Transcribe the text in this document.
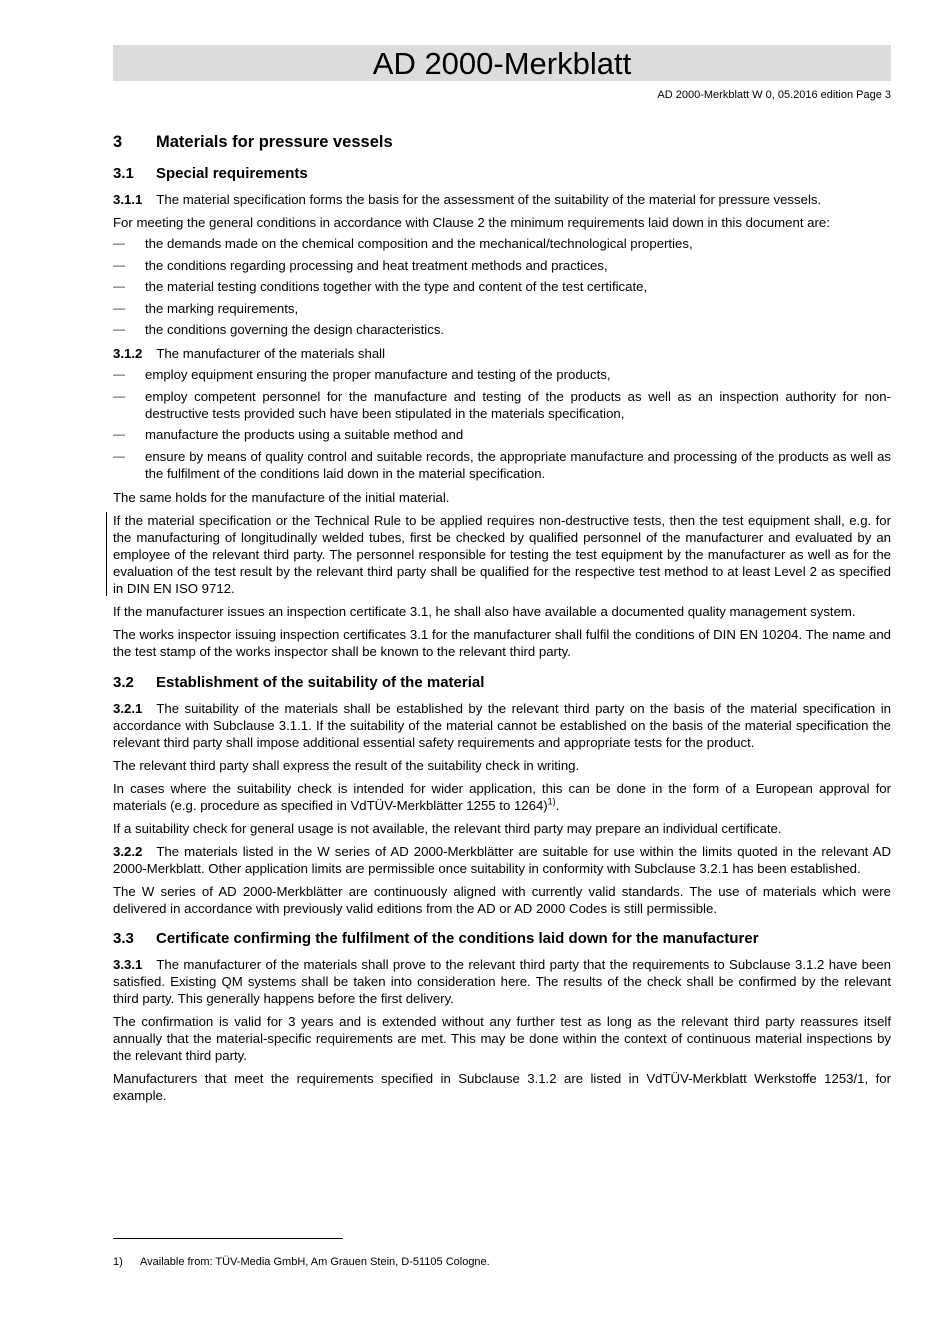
AD 2000-Merkblatt
AD 2000-Merkblatt W 0, 05.2016 edition Page 3
3 Materials for pressure vessels
3.1 Special requirements

3.1.1 The material specification forms the basis for the assessment of the suitability of the material for pressure vessels.

For meeting the general conditions in accordance with Clause 2 the minimum requirements laid down in this document are:

— the demands made on the chemical composition and the mechanical/technological properties,
— the conditions regarding processing and heat treatment methods and practices,
— the material testing conditions together with the type and content of the test certificate,
— the marking requirements,
— the conditions governing the design characteristics.

3.1.2 The manufacturer of the materials shall

— employ equipment ensuring the proper manufacture and testing of the products,
— employ competent personnel for the manufacture and testing of the products as well as an inspection authority for non-destructive tests provided such have been stipulated in the materials specification,
— manufacture the products using a suitable method and
— ensure by means of quality control and suitable records, the appropriate manufacture and processing of the products as well as the fulfilment of the conditions laid down in the material specification.

The same holds for the manufacture of the initial material.

If the material specification or the Technical Rule to be applied requires non-destructive tests, then the test equipment shall, e.g. for the manufacturing of longitudinally welded tubes, first be checked by qualified personnel of the manufacturer and evaluated by an employee of the relevant third party. The personnel responsible for testing the test equipment by the manufacturer as well as for the evaluation of the test result by the relevant third party shall be qualified for the respective test method to at least Level 2 as specified in DIN EN ISO 9712.

If the manufacturer issues an inspection certificate 3.1, he shall also have available a documented quality management system.

The works inspector issuing inspection certificates 3.1 for the manufacturer shall fulfil the conditions of DIN EN 10204. The name and the test stamp of the works inspector shall be known to the relevant third party.

3.2 Establishment of the suitability of the material

3.2.1 The suitability of the materials shall be established by the relevant third party on the basis of the material specification in accordance with Subclause 3.1.1. If the suitability of the material cannot be established on the basis of the material specification the relevant third party shall impose additional essential safety requirements and appropriate tests for the product.

The relevant third party shall express the result of the suitability check in writing.

In cases where the suitability check is intended for wider application, this can be done in the form of a European approval for materials (e.g. procedure as specified in VdTÜV-Merkblätter 1255 to 1264)$^{1)}$.

If a suitability check for general usage is not available, the relevant third party may prepare an individual certificate.

3.2.2 The materials listed in the W series of AD 2000-Merkblätter are suitable for use within the limits quoted in the relevant AD 2000-Merkblatt. Other application limits are permissible once suitability in conformity with Subclause 3.2.1 has been established.

The W series of AD 2000-Merkblätter are continuously aligned with currently valid standards. The use of materials which were delivered in accordance with previously valid editions from the AD or AD 2000 Codes is still permissible.

3.3 Certificate confirming the fulfilment of the conditions laid down for the manufacturer

3.3.1 The manufacturer of the materials shall prove to the relevant third party that the requirements to Subclause 3.1.2 have been satisfied. Existing QM systems shall be taken into consideration here. The results of the check shall be confirmed by the relevant third party. This generally happens before the first delivery.

The confirmation is valid for 3 years and is extended without any further test as long as the relevant third party reassures itself annually that the material-specific requirements are met. This may be done within the context of continuous material inspections by the relevant third party.

Manufacturers that meet the requirements specified in Subclause 3.1.2 are listed in VdTÜV-Merkblatt Werkstoffe 1253/1, for example.

1) Available from: TÜV-Media GmbH, Am Grauen Stein, D-51105 Cologne.
